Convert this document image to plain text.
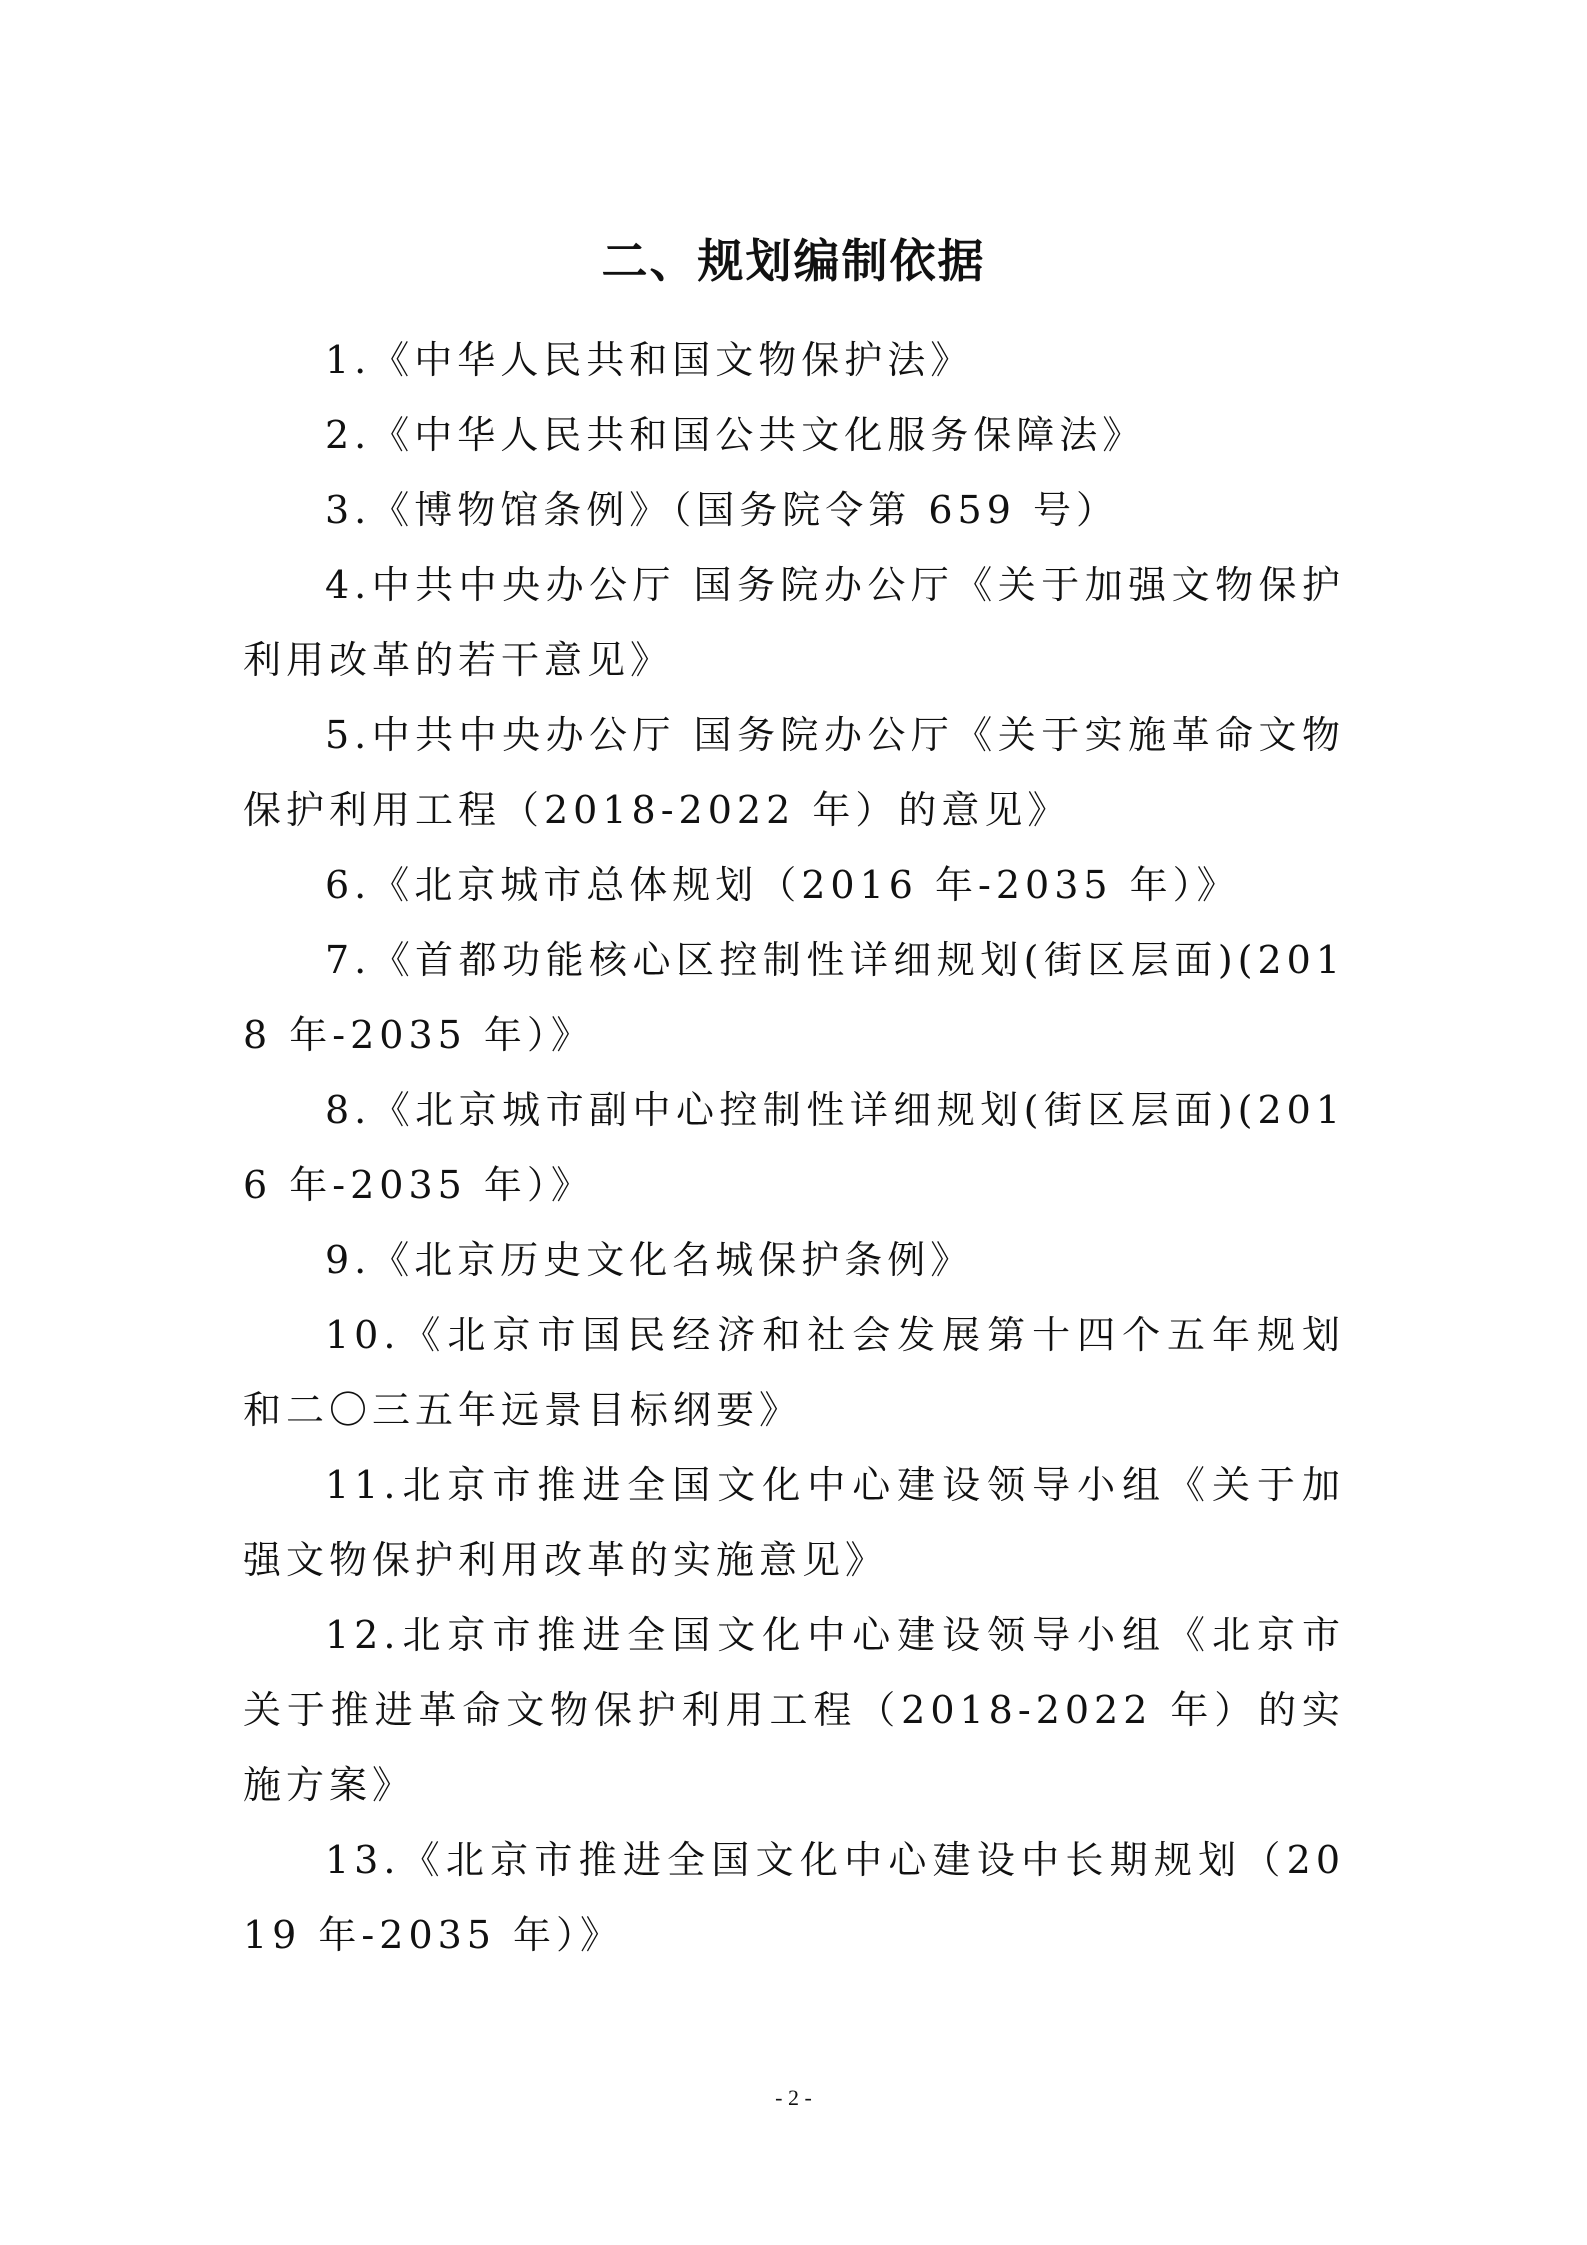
二、规划编制依据

1.《中华人民共和国文物保护法》

2.《中华人民共和国公共文化服务保障法》

3.《博物馆条例》（国务院令第 659 号）

4.中共中央办公厅 国务院办公厅《关于加强文物保护利用改革的若干意见》

5.中共中央办公厅 国务院办公厅《关于实施革命文物保护利用工程（2018-2022 年）的意见》

6.《北京城市总体规划（2016 年-2035 年）》

7.《首都功能核心区控制性详细规划(街区层面)(2018 年-2035 年）》

8.《北京城市副中心控制性详细规划(街区层面)(2016 年-2035 年）》

9.《北京历史文化名城保护条例》

10.《北京市国民经济和社会发展第十四个五年规划和二〇三五年远景目标纲要》

11.北京市推进全国文化中心建设领导小组《关于加强文物保护利用改革的实施意见》

12.北京市推进全国文化中心建设领导小组《北京市关于推进革命文物保护利用工程（2018-2022 年）的实施方案》

13.《北京市推进全国文化中心建设中长期规划（2019 年-2035 年）》

- 2 -
